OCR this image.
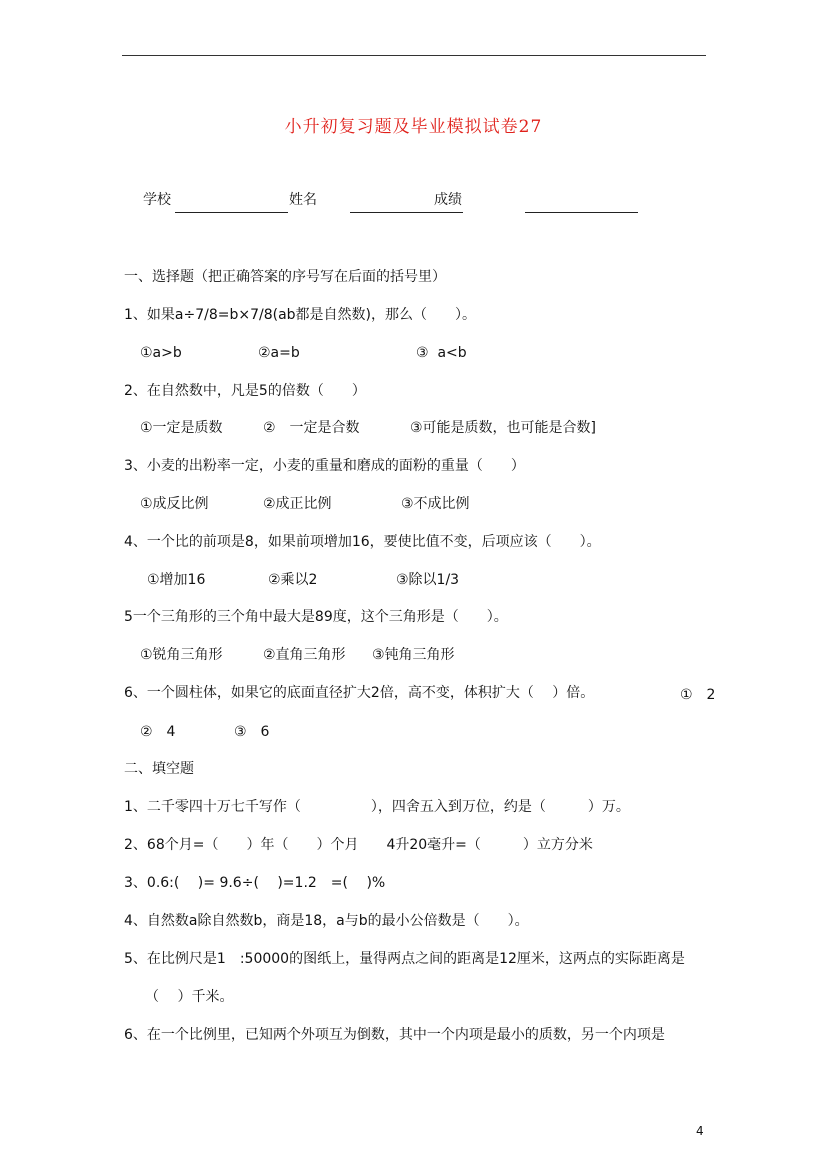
小升初复习题及毕业模拟试卷27
学校	姓名	成绩
一、选择题（把正确答案的序号写在后面的括号里）
1、如果a÷7/8=b×7/8(ab都是自然数)，那么（　　）。
①a>b	②a=b	③  a<b
2、在自然数中，凡是5的倍数（　　）
①一定是质数	②　一定是合数	③可能是质数，也可能是合数]
3、小麦的出粉率一定，小麦的重量和磨成的面粉的重量（　　）
①成反比例	②成正比例	③不成比例
4、一个比的前项是8，如果前项增加16，要使比值不变，后项应该（　　）。
①增加16	②乘以2	③除以1/3
5一个三角形的三个角中最大是89度，这个三角形是（　　）。
①锐角三角形	②直角三角形 ③钝角三角形
6、一个圆柱体，如果它的底面直径扩大2倍，高不变，体积扩大（　 ）倍。	①　2
②　4	③　6
二、填空题
1、二千零四十万七千写作（　　　　　），四舍五入到万位，约是（　　　）万。
2、68个月=（　　）年（　　）个月　　4升20毫升=（　　　）立方分米
3、0.6:(　 )= 9.6÷(　 )=1.2　=(　 )%
4、自然数a除自然数b，商是18，a与b的最小公倍数是（　　）。
5、在比例尺是1　:50000的图纸上，量得两点之间的距离是12厘米，这两点的实际距离是
（　 ）千米。
6、在一个比例里，已知两个外项互为倒数，其中一个内项是最小的质数，另一个内项是
4
